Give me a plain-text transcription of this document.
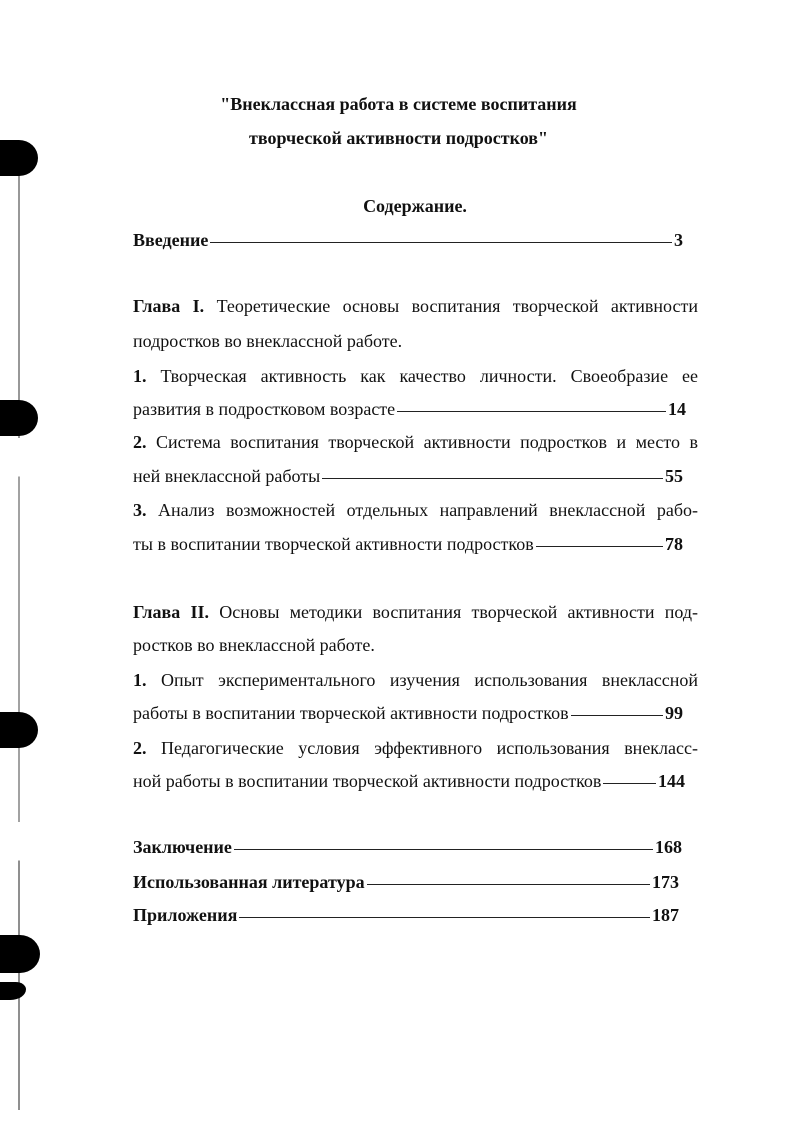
"Внеклассная работа в системе воспитания
творческой активности подростков"
Содержание.
Введение	3
Глава I. Теоретические основы воспитания творческой активности
подростков во внеклассной работе.
1. Творческая активность как качество личности. Своеобразие ее
развития в подростковом возрасте	14
2. Система воспитания творческой активности подростков и место в
ней внеклассной работы	55
3. Анализ возможностей отдельных направлений внеклассной рабо-
ты в воспитании творческой активности подростков	78
Глава II. Основы методики воспитания творческой активности под-
ростков во внеклассной работе.
1. Опыт экспериментального изучения использования внеклассной
работы в воспитании творческой активности подростков	99
2. Педагогические условия эффективного использования внекласс-
ной работы в воспитании творческой активности подростков	144
Заключение	168
Использованная литература	173
Приложения	187
